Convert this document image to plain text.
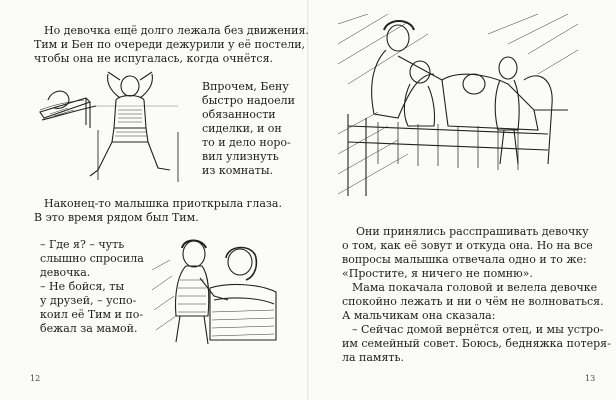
Но девочка ещё долго лежала без движения.

Тим и Бен по очереди дежурили у её постели,

чтобы она не испугалась, когда очнётся.

Впрочем, Бену

быстро надоели

обязанности

сиделки, и он

то и дело норо-

вил улизнуть

из комнаты.

Наконец-то малышка приоткрыла глаза.

В это время рядом был Тим.

– Где я? – чуть

слышно спросила

девочка.

– Не бойся, ты

у друзей, – успо-

коил её Тим и по-

бежал за мамой.

12

Они принялись расспрашивать девочку

о том, как её зовут и откуда она. Но на все

вопросы малышка отвечала одно и то же:

«Простите, я ничего не помню».

Мама покачала головой и велела девочке

спокойно лежать и ни о чём не волноваться.

А мальчикам она сказала:

– Сейчас домой вернётся отец, и мы устро-

им семейный совет. Боюсь, бедняжка потеря-

ла память.

13
